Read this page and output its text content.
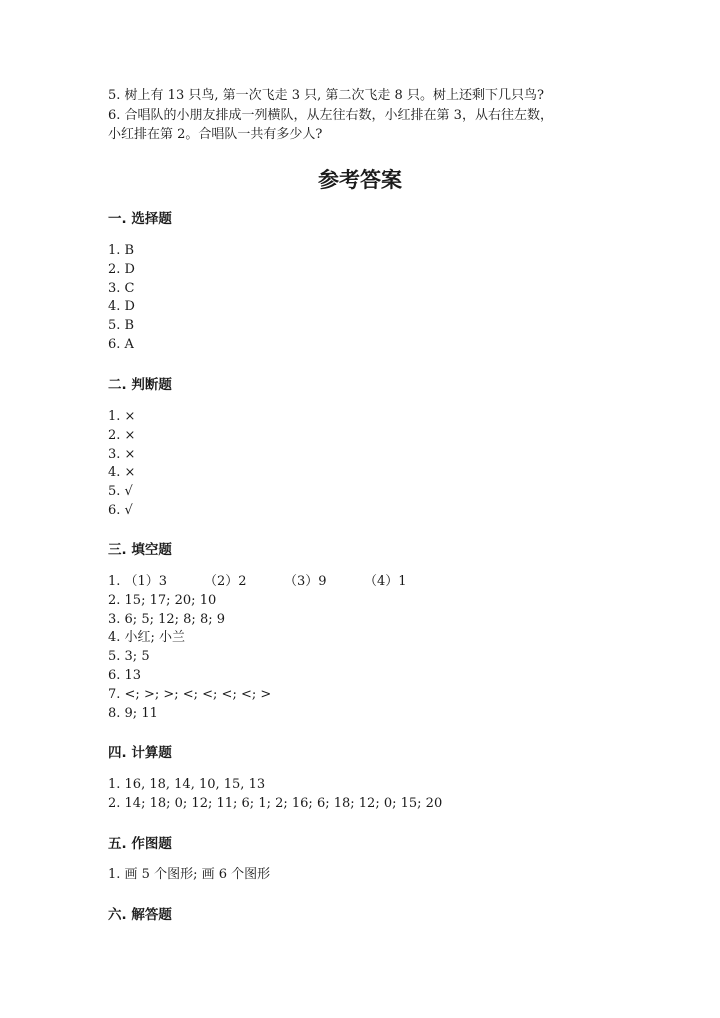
5. 树上有 13 只鸟, 第一次飞走 3 只, 第二次飞走 8 只。树上还剩下几只鸟?
6. 合唱队的小朋友排成一列横队，从左往右数，小红排在第 3，从右往左数，
小红排在第 2。合唱队一共有多少人?
参考答案
一. 选择题
1. B
2. D
3. C
4. D
5. B
6. A
二. 判断题
1. ×
2. ×
3. ×
4. ×
5. √
6. √
三. 填空题
1. （1）3	（2）2	（3）9	（4）1
2. 15; 17; 20; 10
3. 6; 5; 12; 8; 8; 9
4. 小红; 小兰
5. 3; 5
6. 13
7. <; >; >; <; <; <; <; >
8. 9; 11
四. 计算题
1. 16, 18, 14, 10, 15, 13
2. 14; 18; 0; 12; 11; 6; 1; 2; 16; 6; 18; 12; 0; 15; 20
五. 作图题
1. 画 5 个图形; 画 6 个图形
六. 解答题
